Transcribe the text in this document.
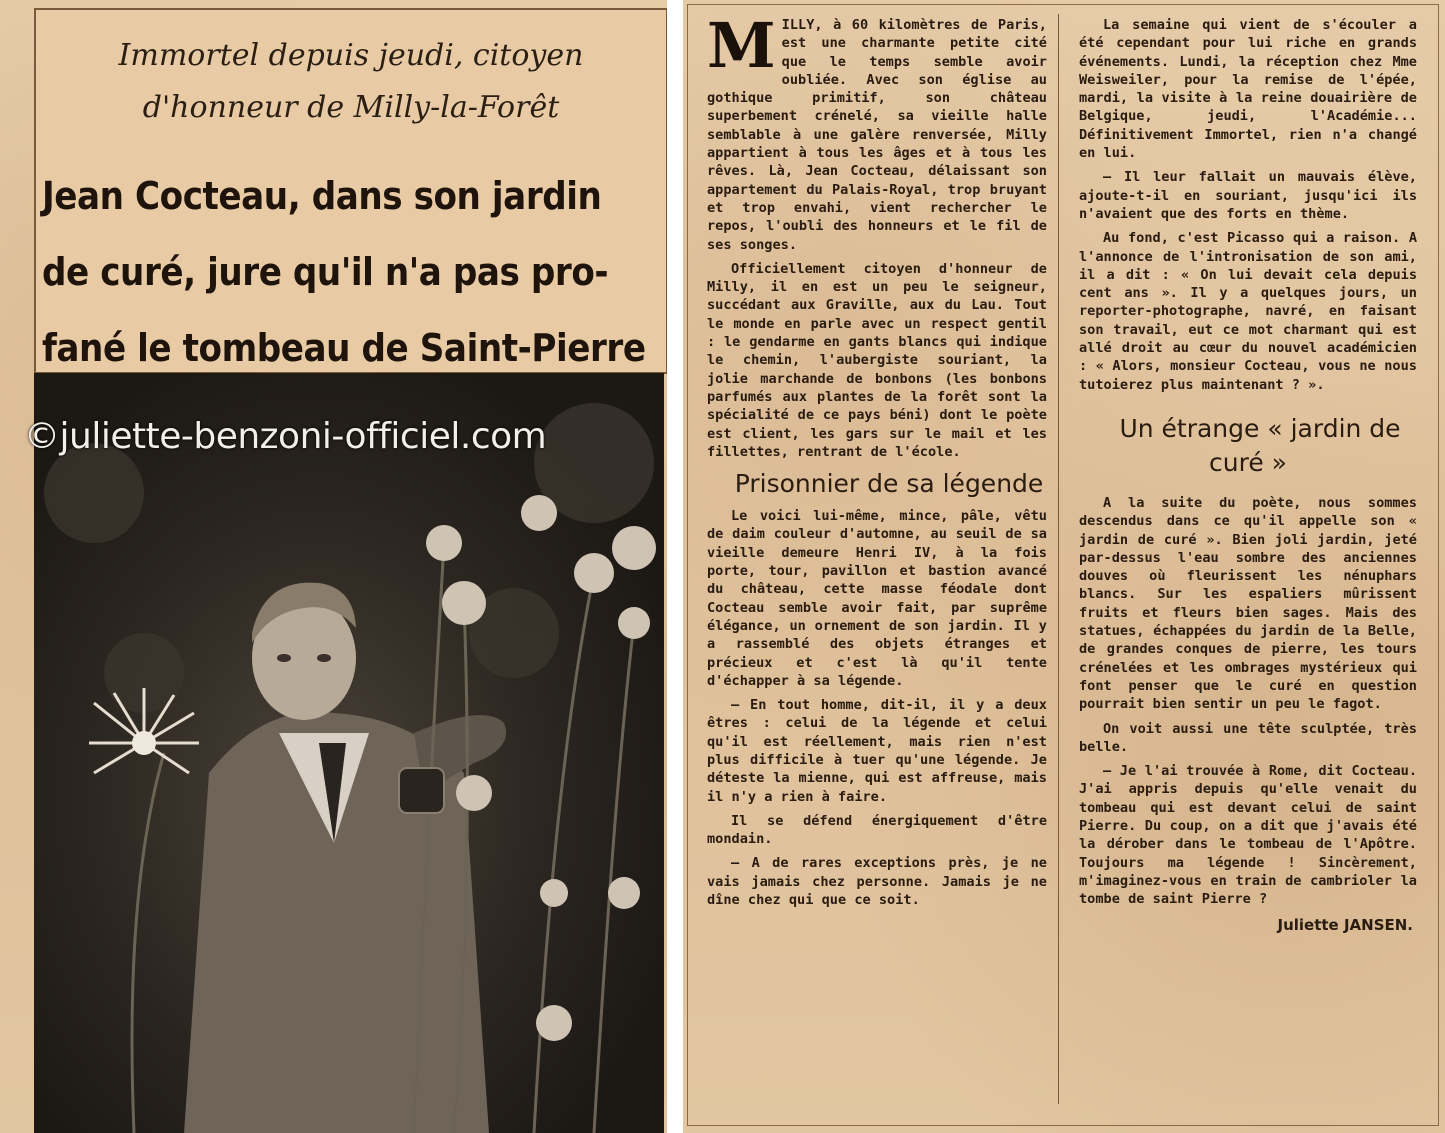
Immortel depuis jeudi, citoyen
d'honneur de Milly-la-Forêt
Jean Cocteau, dans son jardin
de curé, jure qu'il n'a pas pro-
fané le tombeau de Saint-Pierre
©juliette-benzoni-officiel.com

MILLY, à 60 kilomètres de Paris, est une charmante petite cité que le temps semble avoir oubliée. Avec son église au gothique primitif, son château superbement crénelé, sa vieille halle semblable à une galère renversée, Milly appartient à tous les âges et à tous les rêves. Là, Jean Cocteau, délaissant son appartement du Palais-Royal, trop bruyant et trop envahi, vient rechercher le repos, l'oubli des honneurs et le fil de ses songes.

Officiellement citoyen d'honneur de Milly, il en est un peu le seigneur, succédant aux Graville, aux du Lau. Tout le monde en parle avec un respect gentil : le gendarme en gants blancs qui indique le chemin, l'aubergiste souriant, la jolie marchande de bonbons (les bonbons parfumés aux plantes de la forêt sont la spécialité de ce pays béni) dont le poète est client, les gars sur le mail et les fillettes, rentrant de l'école.

Prisonnier de sa légende

Le voici lui-même, mince, pâle, vêtu de daim couleur d'automne, au seuil de sa vieille demeure Henri IV, à la fois porte, tour, pavillon et bastion avancé du château, cette masse féodale dont Cocteau semble avoir fait, par suprême élégance, un ornement de son jardin. Il y a rassemblé des objets étranges et précieux et c'est là qu'il tente d'échapper à sa légende.

— En tout homme, dit-il, il y a deux êtres : celui de la légende et celui qu'il est réellement, mais rien n'est plus difficile à tuer qu'une légende. Je déteste la mienne, qui est affreuse, mais il n'y a rien à faire.

Il se défend énergiquement d'être mondain.

— A de rares exceptions près, je ne vais jamais chez personne. Jamais je ne dîne chez qui que ce soit.

La semaine qui vient de s'écouler a été cependant pour lui riche en grands événements. Lundi, la réception chez Mme Weisweiler, pour la remise de l'épée, mardi, la visite à la reine douairière de Belgique, jeudi, l'Académie... Définitivement Immortel, rien n'a changé en lui.

— Il leur fallait un mauvais élève, ajoute-t-il en souriant, jusqu'ici ils n'avaient que des forts en thème.

Au fond, c'est Picasso qui a raison. A l'annonce de l'intronisation de son ami, il a dit : « On lui devait cela depuis cent ans ». Il y a quelques jours, un reporter-photographe, navré, en faisant son travail, eut ce mot charmant qui est allé droit au cœur du nouvel académicien : « Alors, monsieur Cocteau, vous ne nous tutoierez plus maintenant ? ».

Un étrange « jardin de curé »

A la suite du poète, nous sommes descendus dans ce qu'il appelle son « jardin de curé ». Bien joli jardin, jeté par-dessus l'eau sombre des anciennes douves où fleurissent les nénuphars blancs. Sur les espaliers mûrissent fruits et fleurs bien sages. Mais des statues, échappées du jardin de la Belle, de grandes conques de pierre, les tours crénelées et les ombrages mystérieux qui font penser que le curé en question pourrait bien sentir un peu le fagot.

On voit aussi une tête sculptée, très belle.

— Je l'ai trouvée à Rome, dit Cocteau. J'ai appris depuis qu'elle venait du tombeau qui est devant celui de saint Pierre. Du coup, on a dit que j'avais été la dérober dans le tombeau de l'Apôtre. Toujours ma légende ! Sincèrement, m'imaginez-vous en train de cambrioler la tombe de saint Pierre ?

Juliette JANSEN.
